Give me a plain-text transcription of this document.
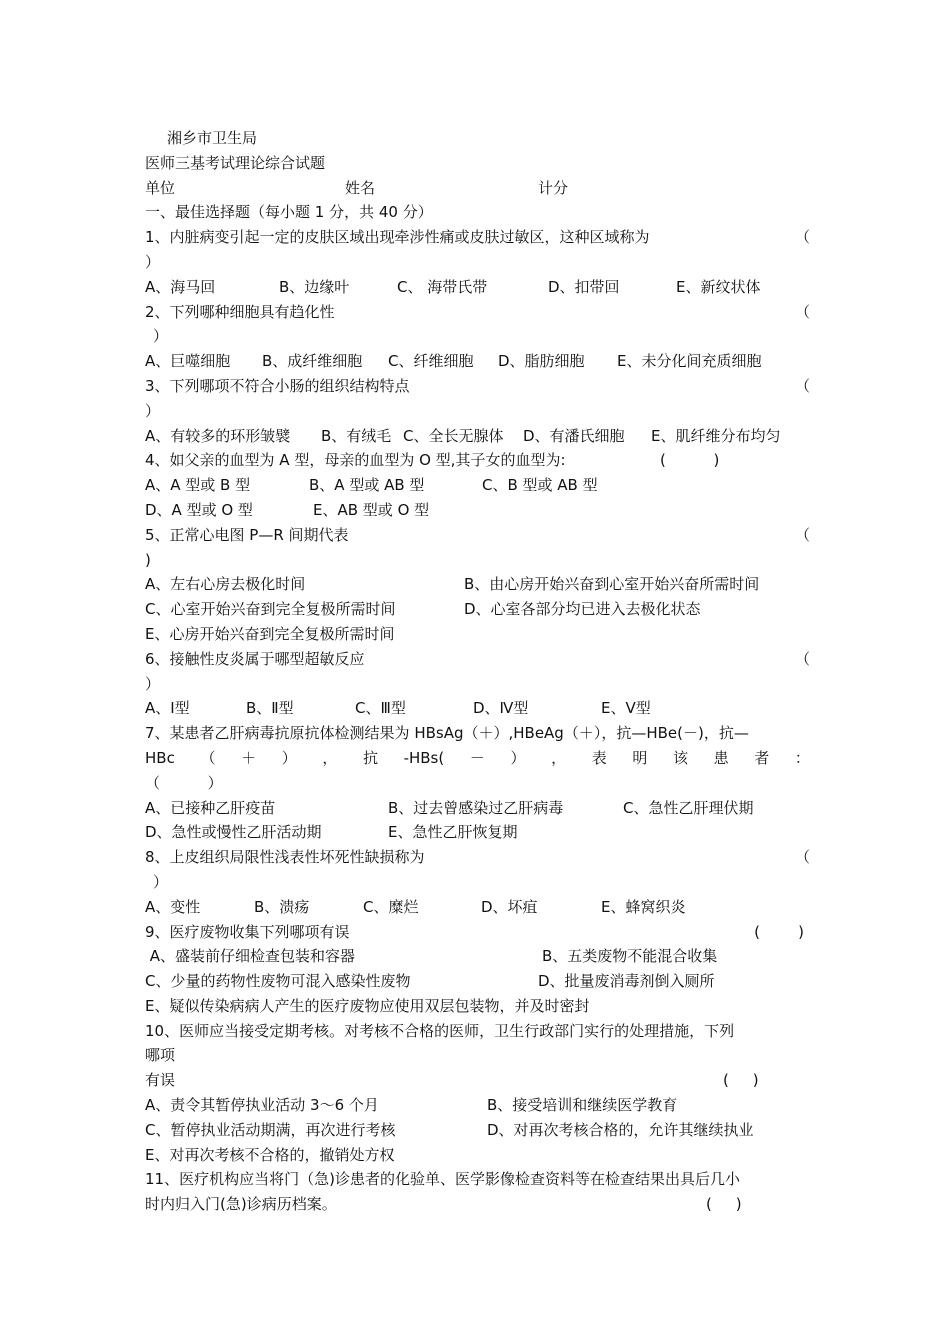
湘乡市卫生局
医师三基考试理论综合试题
单位	姓名	计分
一、最佳选择题（每小题 1 分，共 40 分）
1、内脏病变引起一定的皮肤区域出现牵涉性痛或皮肤过敏区，这种区域称为	（
）
A、海马回	B、边缘叶	C、 海带氏带	D、扣带回	E、新纹状体
2、下列哪种细胞具有趋化性	（
）
A、巨噬细胞 B、成纤维细胞 C、纤维细胞 D、脂肪细胞 E、未分化间充质细胞
3、下列哪项不符合小肠的组织结构特点	（
）
A、有较多的环形皱襞 B、有绒毛 C、全长无腺体 D、有潘氏细胞 E、肌纤维分布均匀
4、如父亲的血型为 A 型，母亲的血型为 O 型,其子女的血型为:	(          )
A、A 型或 B 型	B、A 型或 AB 型	C、B 型或 AB 型
D、A 型或 O 型	E、AB 型或 O 型
5、正常心电图 P—R 间期代表	（
)
A、左右心房去极化时间	B、由心房开始兴奋到心室开始兴奋所需时间
C、心室开始兴奋到完全复极所需时间	D、心室各部分均已进入去极化状态
E、心房开始兴奋到完全复极所需时间
6、接触性皮炎属于哪型超敏反应	（
）
A、Ⅰ型	B、Ⅱ型	C、Ⅲ型	D、Ⅳ型	E、Ⅴ型
7、某患者乙肝病毒抗原抗体检测结果为 HBsAg（＋）,HBeAg（＋），抗—HBe(－)，抗—
HBc （ ＋ ） ， 抗 -HBs( － ） ， 表 明 该 患 者 ：
（          ）
A、已接种乙肝疫苗	B、过去曾感染过乙肝病毒	C、急性乙肝理伏期
D、急性或慢性乙肝活动期	E、急性乙肝恢复期
8、上皮组织局限性浅表性坏死性缺损称为	（
）
A、变性	B、溃疡	C、糜烂	D、坏疽	E、蜂窝织炎
9、医疗废物收集下列哪项有误	(        )
A、盛装前仔细检查包装和容器	B、五类废物不能混合收集
C、少量的药物性废物可混入感染性废物	D、批量废消毒剂倒入厕所
E、疑似传染病病人产生的医疗废物应使用双层包装物，并及时密封
10、医师应当接受定期考核。对考核不合格的医师，卫生行政部门实行的处理措施，下列
哪项
有误	(     )
A、责令其暂停执业活动 3～6 个月	B、接受培训和继续医学教育
C、暂停执业活动期满，再次进行考核	D、对再次考核合格的，允许其继续执业
E、对再次考核不合格的，撤销处方权
11、医疗机构应当将门（急)诊患者的化验单、医学影像检查资料等在检查结果出具后几小
时内归入门(急)诊病历档案。	(     )
